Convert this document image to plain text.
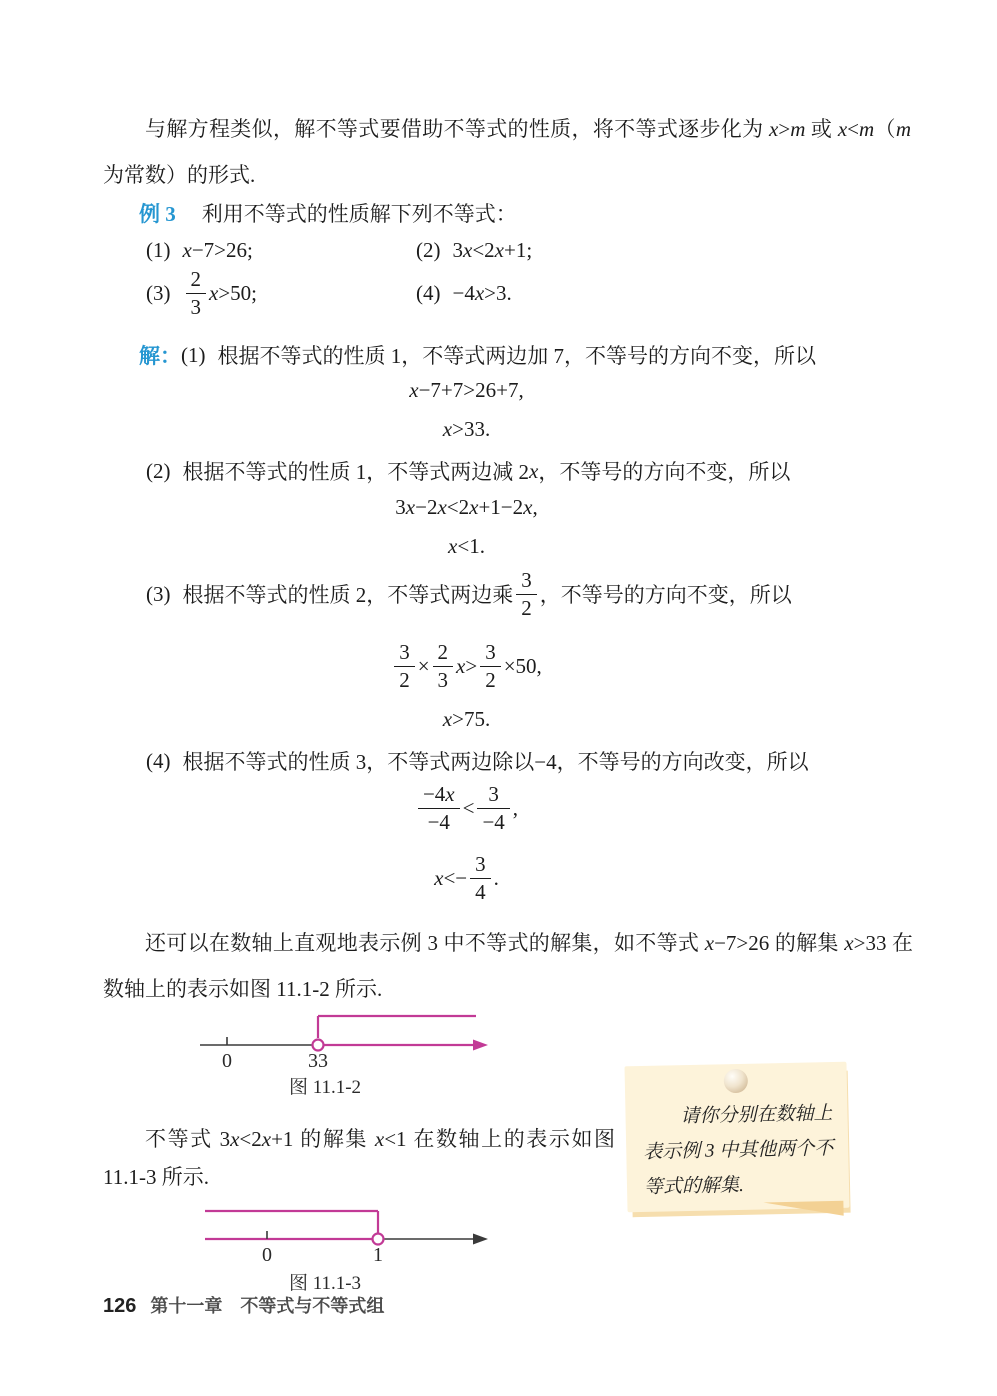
与解方程类似，解不等式要借助不等式的性质，将不等式逐步化为 x>m 或 x<m（m 为常数）的形式.
例 3 利用不等式的性质解下列不等式：
(1) x −7>26;	(2) 3 x <2 x +1;
$(3) \frac{2}{3}$ x >50;	(4) −4 x >3.
解： (1) 根据不等式的性质 1，不等式两边加 7，不等号的方向不变，所以
x −7+7>26+7,
x >33.
(2) 根据不等式的性质 1，不等式两边减 2 x ，不等号的方向不变，所以
3 x −2 x <2 x +1−2 x ,
x <1.
(3) 根据不等式的性质 2，不等式两边乘 $\frac{3}{2}$ ，不等号的方向不变，所以
$\frac{3}{2} \times \frac{2}{3}$ $x > \frac{3}{2} \times 50$,
x >75.
(4) 根据不等式的性质 3，不等式两边除以−4，不等号的方向改变，所以
$\frac{-4x}{-4} < \frac{3}{-4}$ ,
$x <- \frac{3}{4}$ .
还可以在数轴上直观地表示例 3 中不等式的解集，如不等式 x−7>26 的解集 x>33 在数轴上的表示如图 11.1-2 所示.
0	33
图 11.1-2
不等式 3x<2x+1 的解集 x<1 在数轴上的表示如图 11.1-3 所示.
0	1
图 11.1-3
请你分别在数轴上表示例 3 中其他两个不等式的解集.
126 第十一章　不等式与不等式组
